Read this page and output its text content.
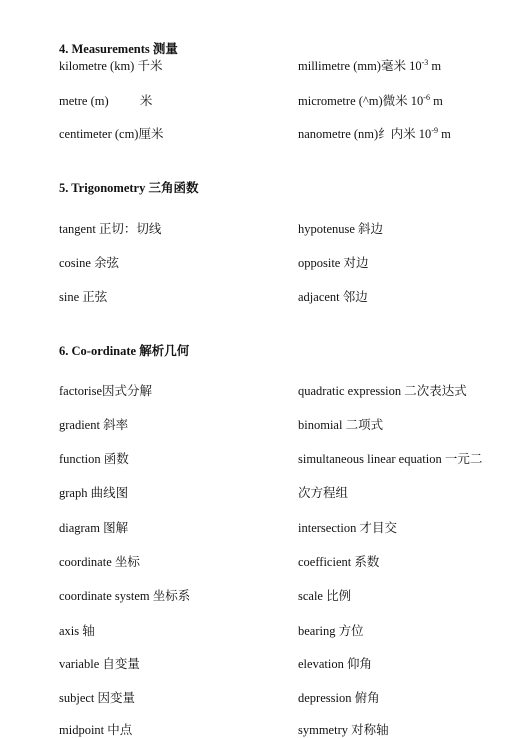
4. Measurements 测量
kilometre (km) 千米	millimetre (mm)毫米 $10^{-3}$ m
metre (m)          米	micrometre (^m)微米 $10^{-6}$ m
centimeter (cm)厘米	nanometre (nm)纟内米 $10^{-9}$ m
5. Trigonometry 三角函数
tangent 正切：切线	hypotenuse 斜边
cosine 余弦	opposite 对边
sine 正弦	adjacent 邻边
6. Co-ordinate 解析几何
factorise因式分解	quadratic expression 二次表达式
gradient 斜率	binomial 二项式
function 函数	simultaneous linear equation 一元二
graph 曲线图	次方程组
diagram 图解	intersection 才目交
coordinate 坐标	coefficient 系数
coordinate system 坐标系	scale 比例
axis 轴	bearing 方位
variable 自变量	elevation 仰角
subject 因变量	depression 俯角
midpoint 中点	symmetry 对称轴
